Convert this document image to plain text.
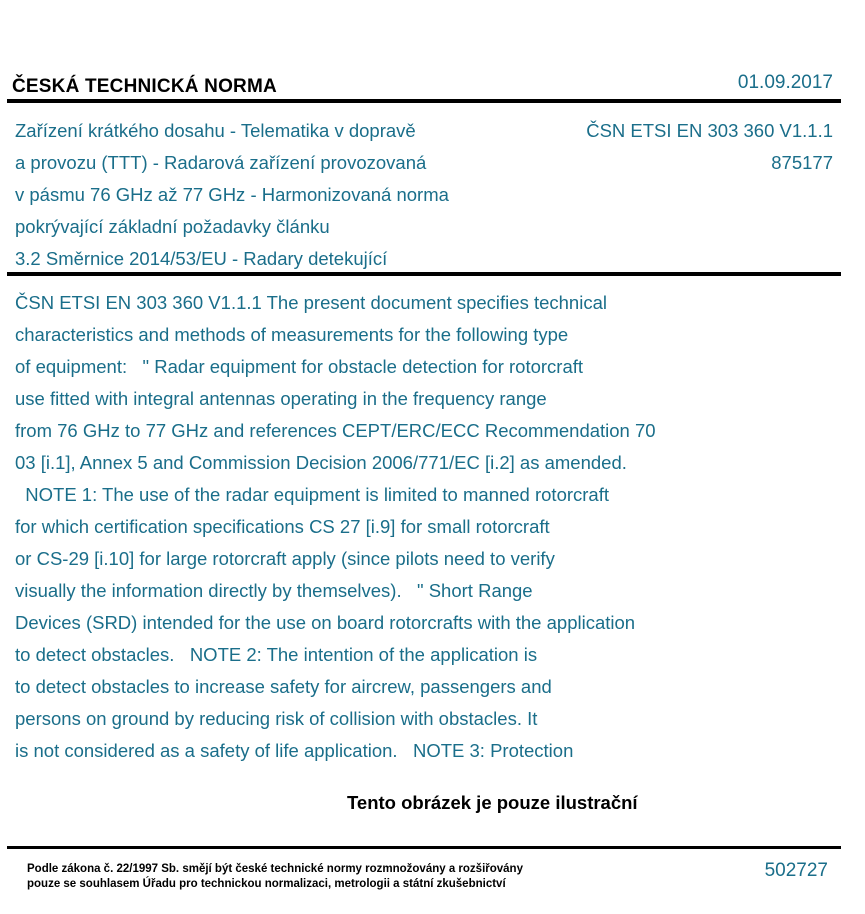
ČESKÁ TECHNICKÁ NORMA	01.09.2017
Zařízení krátkého dosahu - Telematika v dopravě
a provozu (TTT) - Radarová zařízení provozovaná
v pásmu 76 GHz až 77 GHz - Harmonizovaná norma
pokrývající základní požadavky článku
3.2 Směrnice 2014/53/EU - Radary detekující
ČSN ETSI EN 303 360 V1.1.1
875177
ČSN ETSI EN 303 360 V1.1.1 The present document specifies technical
characteristics and methods of measurements for the following type
of equipment:   " Radar equipment for obstacle detection for rotorcraft
use fitted with integral antennas operating in the frequency range
from 76 GHz to 77 GHz and references CEPT/ERC/ECC Recommendation 70
03 [i.1], Annex 5 and Commission Decision 2006/771/EC [i.2] as amended.
NOTE 1: The use of the radar equipment is limited to manned rotorcraft
for which certification specifications CS 27 [i.9] for small rotorcraft
or CS-29 [i.10] for large rotorcraft apply (since pilots need to verify
visually the information directly by themselves).   " Short Range
Devices (SRD) intended for the use on board rotorcrafts with the application
to detect obstacles.   NOTE 2: The intention of the application is
to detect obstacles to increase safety for aircrew, passengers and
persons on ground by reducing risk of collision with obstacles. It
is not considered as a safety of life application.   NOTE 3: Protection
Tento obrázek je pouze ilustrační
Podle zákona č. 22/1997 Sb. smějí být české technické normy rozmnožovány a rozšiřovány
pouze se souhlasem Úřadu pro technickou normalizaci, metrologii a státní zkušebnictví
502727
